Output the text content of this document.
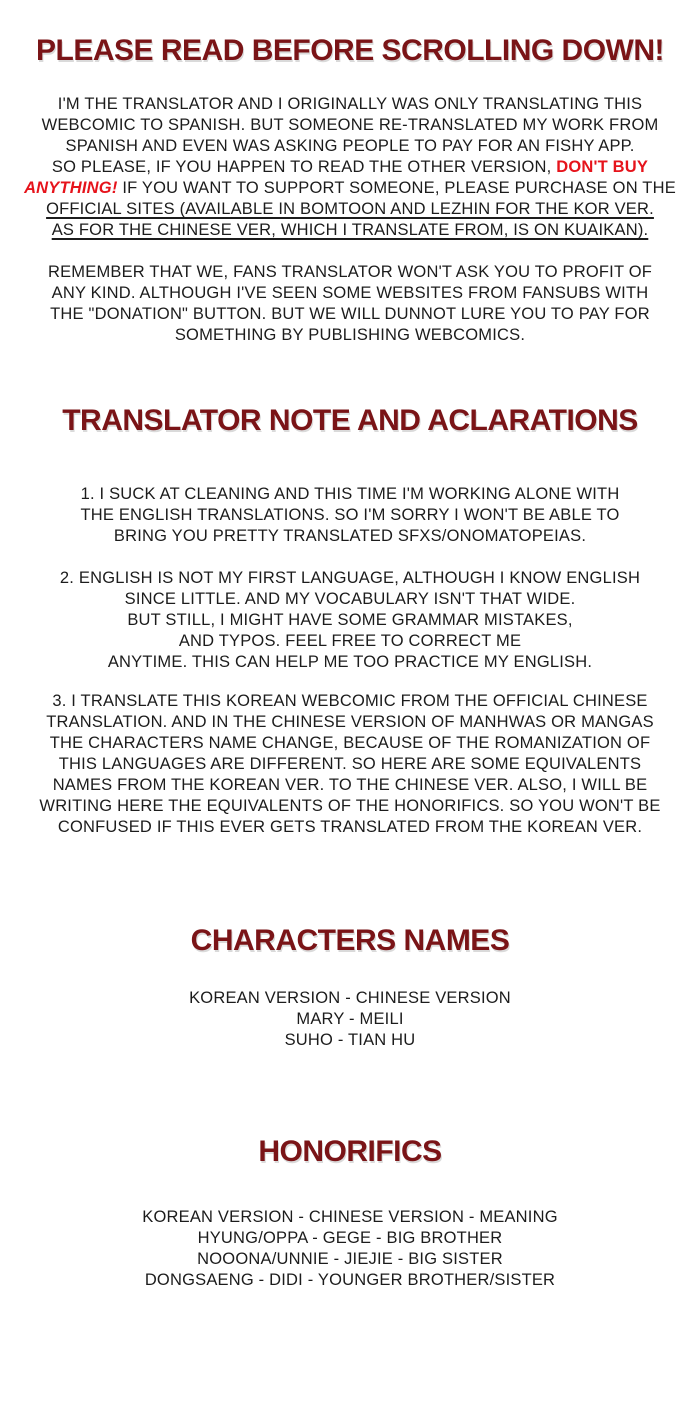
PLEASE READ BEFORE SCROLLING DOWN!
I'M THE TRANSLATOR AND I ORIGINALLY WAS ONLY TRANSLATING THIS
WEBCOMIC TO SPANISH. BUT SOMEONE RE-TRANSLATED MY WORK FROM
SPANISH AND EVEN WAS ASKING PEOPLE TO PAY FOR AN FISHY APP.
SO PLEASE, IF YOU HAPPEN TO READ THE OTHER VERSION, DON'T BUY
ANYTHING! IF YOU WANT TO SUPPORT SOMEONE, PLEASE PURCHASE ON THE
OFFICIAL SITES (AVAILABLE IN BOMTOON AND LEZHIN FOR THE KOR VER.
AS FOR THE CHINESE VER, WHICH I TRANSLATE FROM, IS ON KUAIKAN).
REMEMBER THAT WE, FANS TRANSLATOR WON'T ASK YOU TO PROFIT OF
ANY KIND. ALTHOUGH I'VE SEEN SOME WEBSITES FROM FANSUBS WITH
THE "DONATION" BUTTON. BUT WE WILL DUNNOT LURE YOU TO PAY FOR
SOMETHING BY PUBLISHING WEBCOMICS.
TRANSLATOR NOTE AND ACLARATIONS
1. I SUCK AT CLEANING AND THIS TIME I'M WORKING ALONE WITH
THE ENGLISH TRANSLATIONS. SO I'M SORRY I WON'T BE ABLE TO
BRING YOU PRETTY TRANSLATED SFXS/ONOMATOPEIAS.
2. ENGLISH IS NOT MY FIRST LANGUAGE, ALTHOUGH I KNOW ENGLISH
SINCE LITTLE. AND MY VOCABULARY ISN'T THAT WIDE.
BUT STILL, I MIGHT HAVE SOME GRAMMAR MISTAKES,
AND TYPOS. FEEL FREE TO CORRECT ME
ANYTIME. THIS CAN HELP ME TOO PRACTICE MY ENGLISH.
3. I TRANSLATE THIS KOREAN WEBCOMIC FROM THE OFFICIAL CHINESE
TRANSLATION. AND IN THE CHINESE VERSION OF MANHWAS OR MANGAS
THE CHARACTERS NAME CHANGE, BECAUSE OF THE ROMANIZATION OF
THIS LANGUAGES ARE DIFFERENT. SO HERE ARE SOME EQUIVALENTS
NAMES FROM THE KOREAN VER. TO THE CHINESE VER. ALSO, I WILL BE
WRITING HERE THE EQUIVALENTS OF THE HONORIFICS. SO YOU WON'T BE
CONFUSED IF THIS EVER GETS TRANSLATED FROM THE KOREAN VER.
CHARACTERS NAMES
KOREAN VERSION - CHINESE VERSION
MARY - MEILI
SUHO - TIAN HU
HONORIFICS
KOREAN VERSION - CHINESE VERSION - MEANING
HYUNG/OPPA - GEGE - BIG BROTHER
NOOONA/UNNIE - JIEJIE - BIG SISTER
DONGSAENG - DIDI - YOUNGER BROTHER/SISTER
